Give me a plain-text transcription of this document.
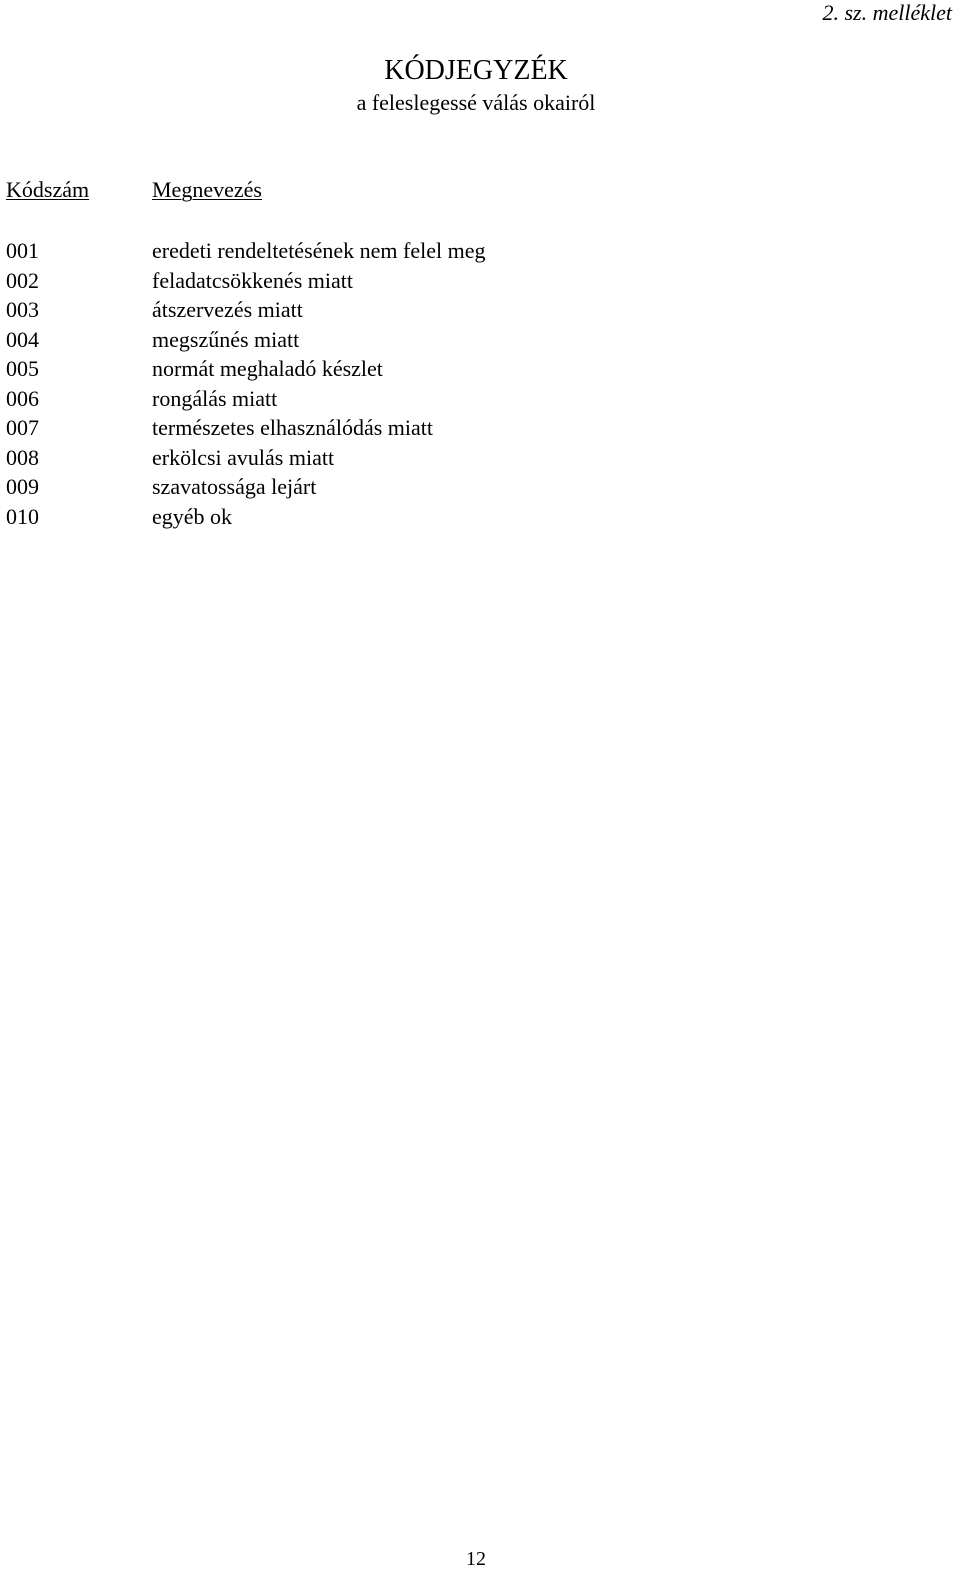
2. sz. melléklet
KÓDJEGYZÉK
a feleslegessé válás okairól
Kódszám	Megnevezés
001	eredeti rendeltetésének nem felel meg
002	feladatcsökkenés miatt
003	átszervezés miatt
004	megszűnés miatt
005	normát meghaladó készlet
006	rongálás miatt
007	természetes elhasználódás miatt
008	erkölcsi avulás miatt
009	szavatossága lejárt
010	egyéb ok
12
